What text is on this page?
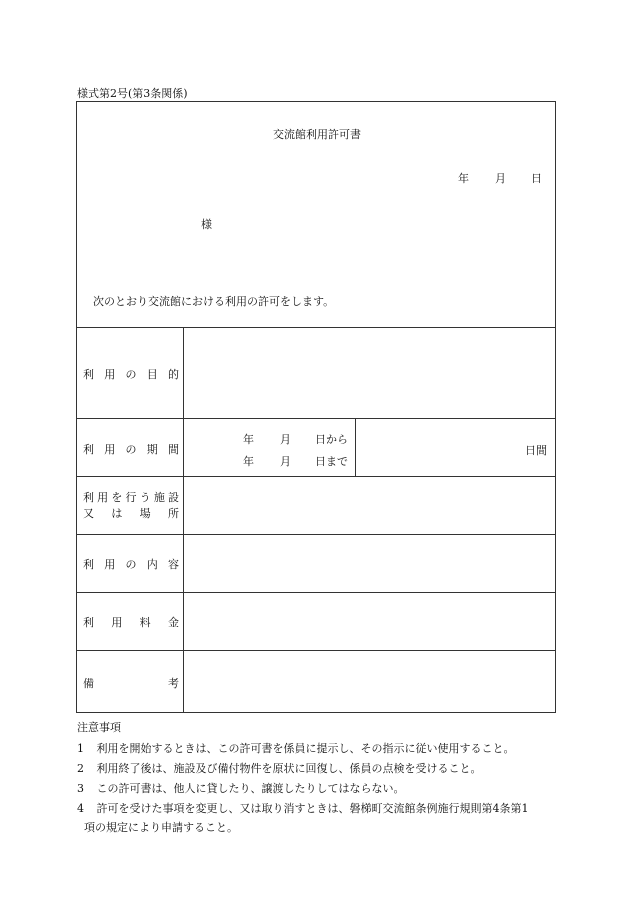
様式第2号(第3条関係)
交流館利用許可書
年 月 日
様
次のとおり交流館における利用の許可をします。
利用の目的
利用の期間
年 月 日から
年 月 日まで
日間
利用を行う施設
又は場所
利用の内容
利用料金
備考
注意事項
1 利用を開始するときは、この許可書を係員に提示し、その指示に従い使用すること。
2 利用終了後は、施設及び備付物件を原状に回復し、係員の点検を受けること。
3 この許可書は、他人に貸したり、譲渡したりしてはならない。
4 許可を受けた事項を変更し、又は取り消すときは、磐梯町交流館条例施行規則第4条第1
項の規定により申請すること。
